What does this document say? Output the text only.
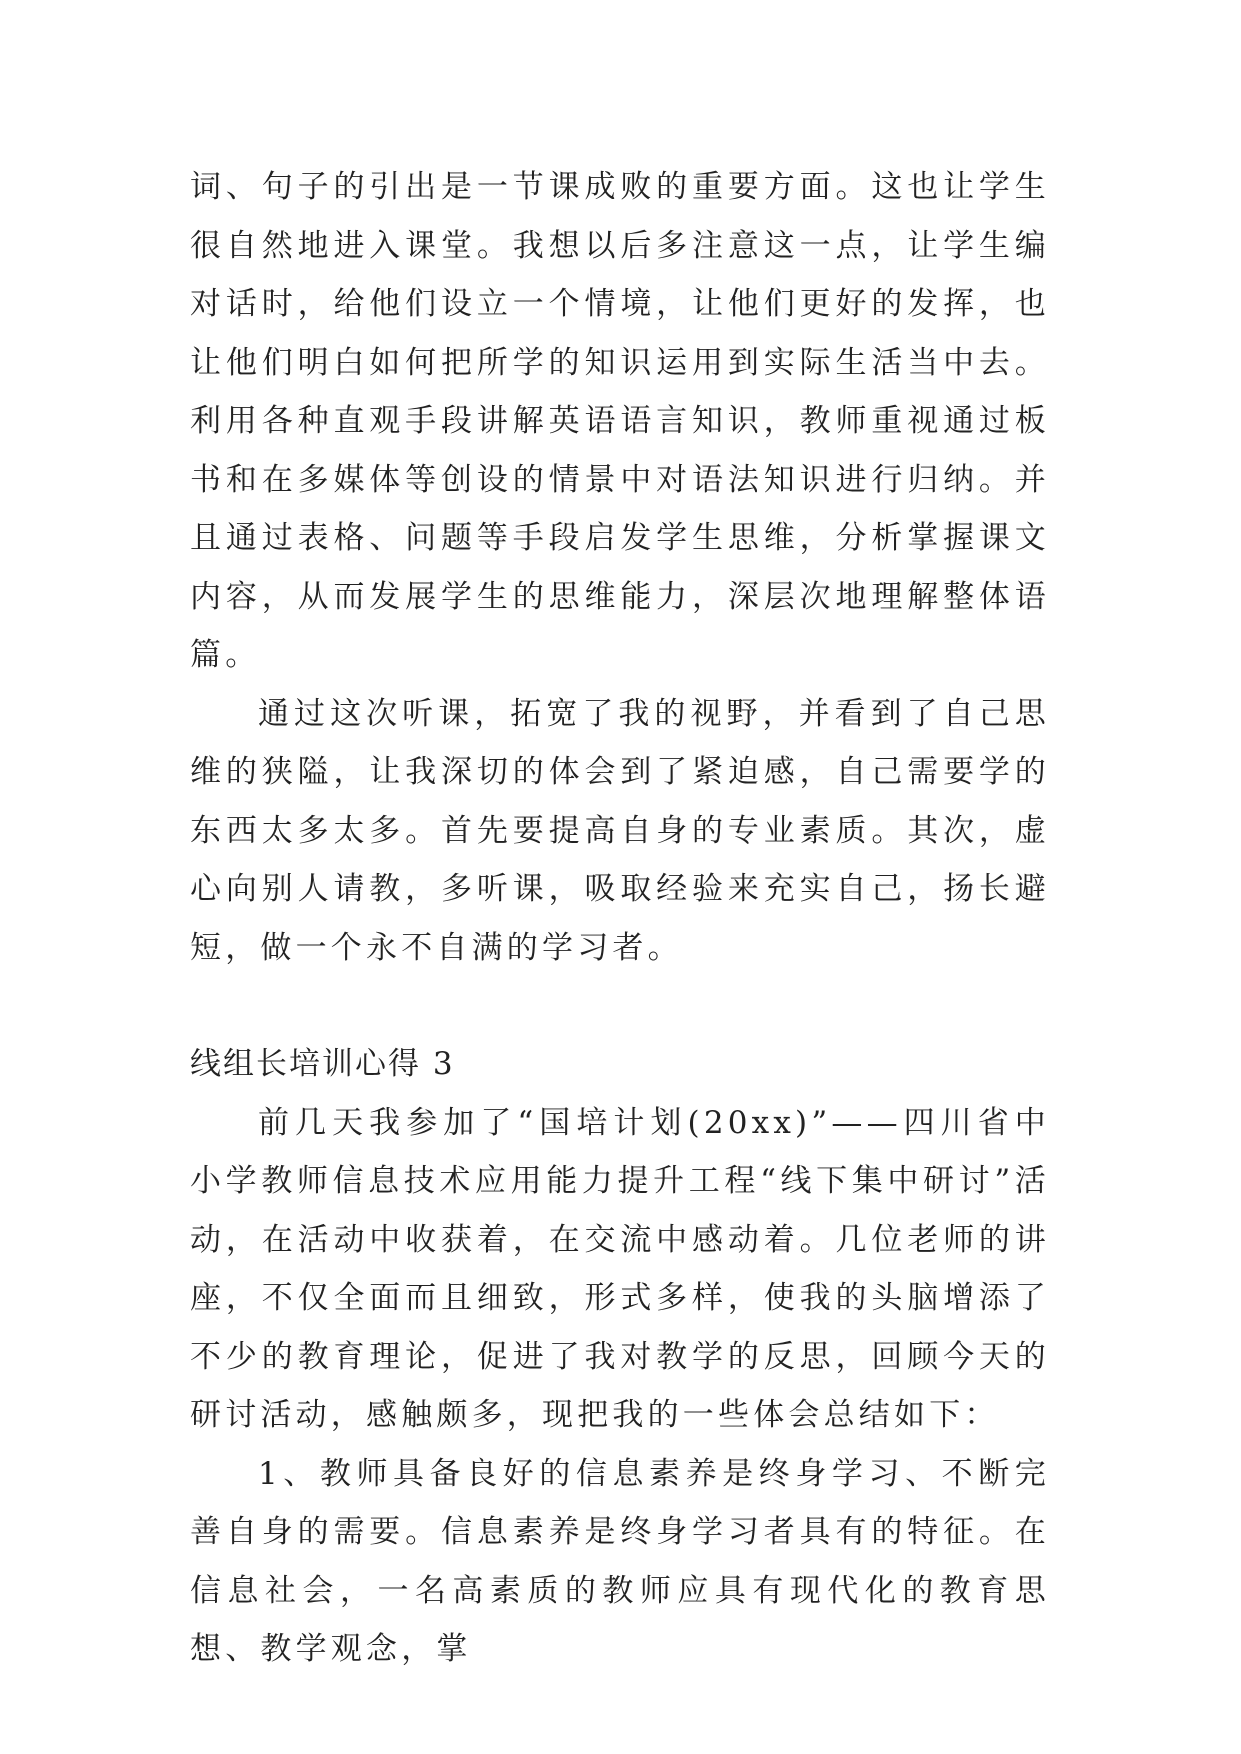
词、句子的引出是一节课成败的重要方面。这也让学生很自然地进入课堂。我想以后多注意这一点，让学生编对话时，给他们设立一个情境，让他们更好的发挥，也让他们明白如何把所学的知识运用到实际生活当中去。利用各种直观手段讲解英语语言知识，教师重视通过板书和在多媒体等创设的情景中对语法知识进行归纳。并且通过表格、问题等手段启发学生思维，分析掌握课文内容，从而发展学生的思维能力，深层次地理解整体语篇。

通过这次听课，拓宽了我的视野，并看到了自己思维的狭隘，让我深切的体会到了紧迫感，自己需要学的东西太多太多。首先要提高自身的专业素质。其次，虚心向别人请教，多听课，吸取经验来充实自己，扬长避短，做一个永不自满的学习者。

线组长培训心得 3

前几天我参加了“国培计划(20xx)”——四川省中小学教师信息技术应用能力提升工程“线下集中研讨”活动，在活动中收获着，在交流中感动着。几位老师的讲座，不仅全面而且细致，形式多样，使我的头脑增添了不少的教育理论，促进了我对教学的反思，回顾今天的研讨活动，感触颇多，现把我的一些体会总结如下：

1、教师具备良好的信息素养是终身学习、不断完善自身的需要。信息素养是终身学习者具有的特征。在信息社会，一名高素质的教师应具有现代化的教育思想、教学观念，掌
